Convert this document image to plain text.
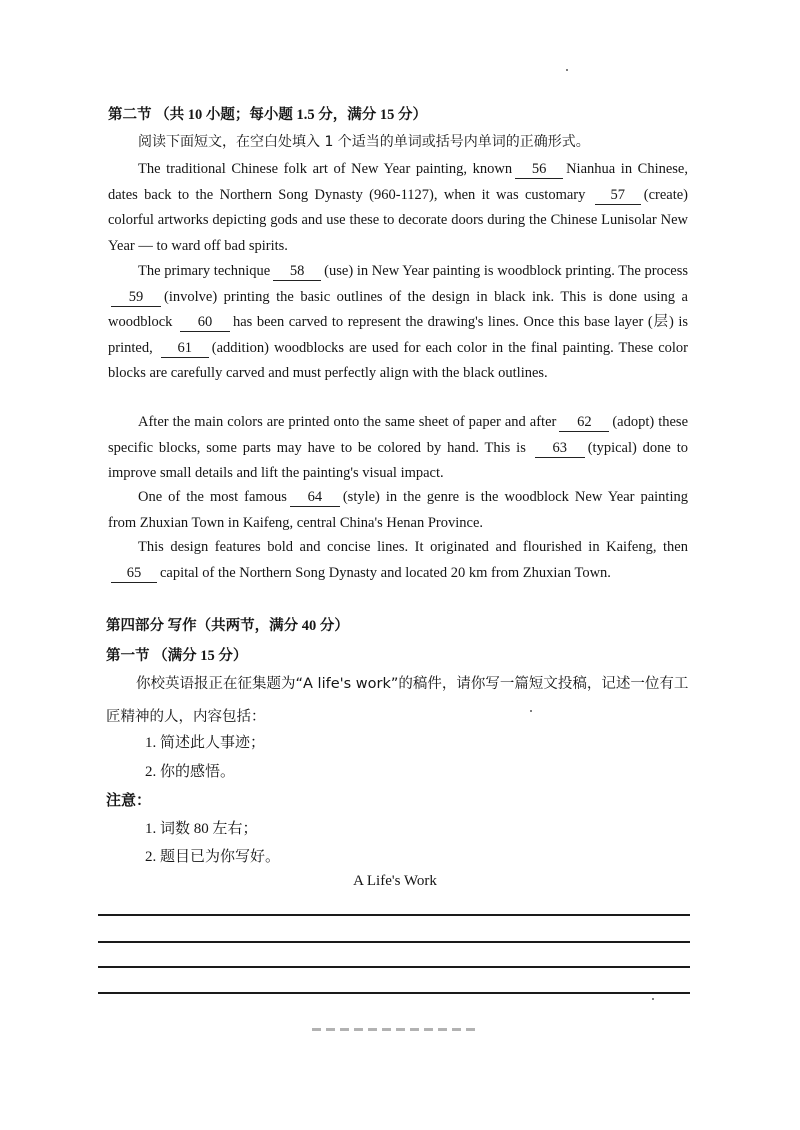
第二节 （共 10 小题；每小题 1.5 分，满分 15 分）
阅读下面短文，在空白处填入 1 个适当的单词或括号内单词的正确形式。
The traditional Chinese folk art of New Year painting, known 56 Nianhua in Chinese, dates back to the Northern Song Dynasty (960-1127), when it was customary 57 (create) colorful artworks depicting gods and use these to decorate doors during the Chinese Lunisolar New Year — to ward off bad spirits.
The primary technique 58 (use) in New Year painting is woodblock printing. The process 59 (involve) printing the basic outlines of the design in black ink. This is done using a woodblock 60 has been carved to represent the drawing's lines. Once this base layer (层) is printed, 61 (addition) woodblocks are used for each color in the final painting. These color blocks are carefully carved and must perfectly align with the black outlines.
After the main colors are printed onto the same sheet of paper and after 62 (adopt) these specific blocks, some parts may have to be colored by hand. This is 63 (typical) done to improve small details and lift the painting's visual impact.
One of the most famous 64 (style) in the genre is the woodblock New Year painting from Zhuxian Town in Kaifeng, central China's Henan Province.
This design features bold and concise lines. It originated and flourished in Kaifeng, then 65 capital of the Northern Song Dynasty and located 20 km from Zhuxian Town.
第四部分 写作（共两节，满分 40 分）
第一节 （满分 15 分）
你校英语报正在征集题为“A life's work”的稿件，请你写一篇短文投稿，记述一位有工匠精神的人，内容包括：
1. 简述此人事迹；
2. 你的感悟。
注意：
1. 词数 80 左右；
2. 题目已为你写好。
A Life's Work
